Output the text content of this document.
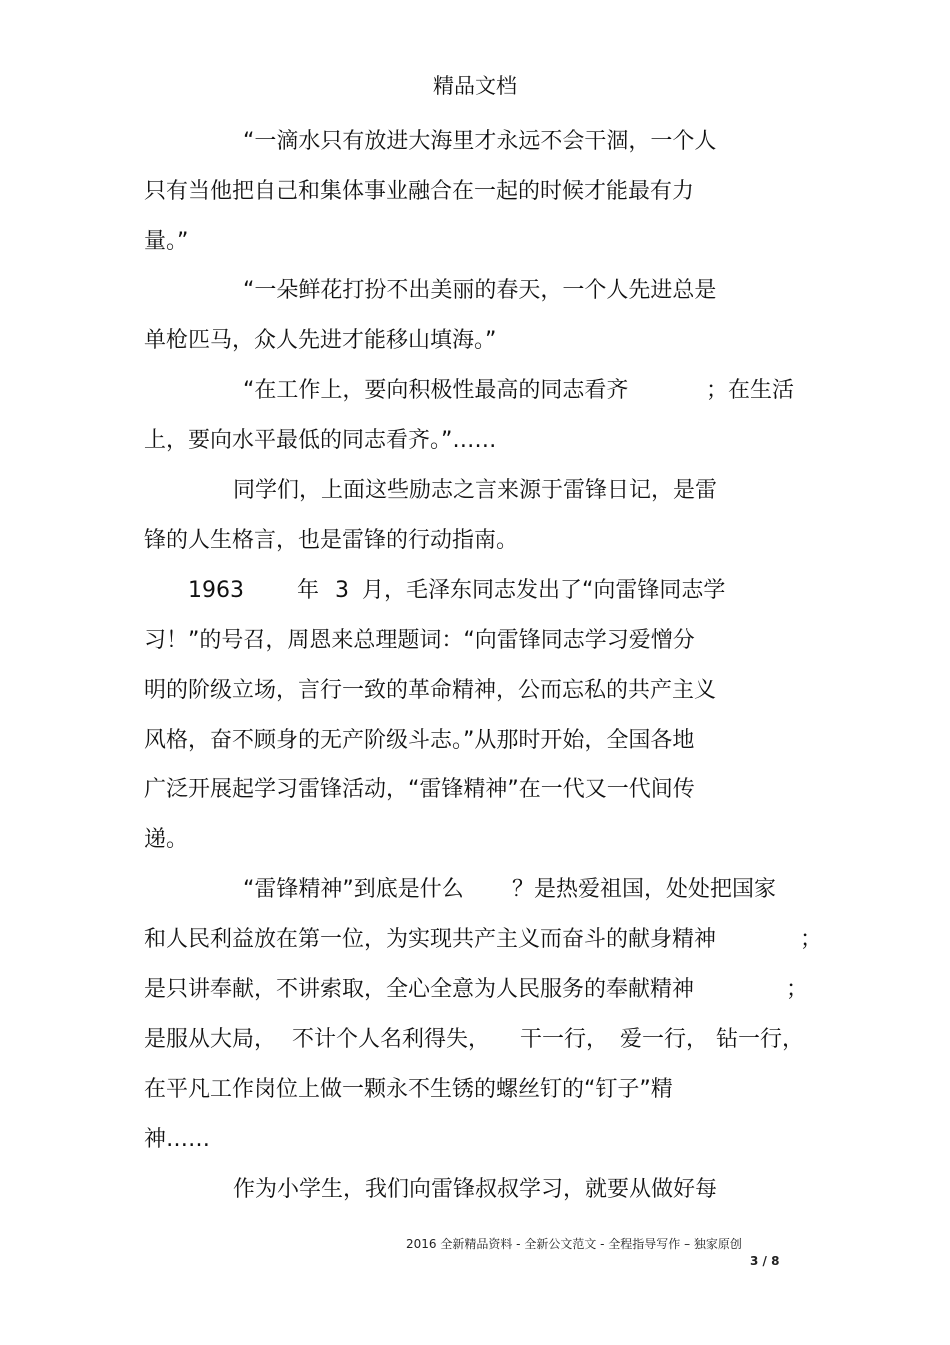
精品文档
“一滴水只有放进大海里才永远不会干涸，一个人
只有当他把自己和集体事业融合在一起的时候才能最有力
量。”
“一朵鲜花打扮不出美丽的春天，一个人先进总是
单枪匹马，众人先进才能移山填海。”
“在工作上，要向积极性最高的同志看齐	；在生活
上，要向水平最低的同志看齐。”……
同学们，上面这些励志之言来源于雷锋日记，是雷
锋的人生格言，也是雷锋的行动指南。
1963 年 3 月，毛泽东同志发出了“向雷锋同志学
习！”的号召，周恩来总理题词：“向雷锋同志学习爱憎分
明的阶级立场，言行一致的革命精神，公而忘私的共产主义
风格，奋不顾身的无产阶级斗志。”从那时开始，全国各地
广泛开展起学习雷锋活动，“雷锋精神”在一代又一代间传
递。
“雷锋精神”到底是什么 ？是热爱祖国，处处把国家
和人民利益放在第一位，为实现共产主义而奋斗的献身精神	；
是只讲奉献，不讲索取，全心全意为人民服务的奉献精神	；
是服从大局， 不计个人名利得失， 干一行， 爱一行， 钻一行，
在平凡工作岗位上做一颗永不生锈的螺丝钉的“钉子”精
神……
作为小学生，我们向雷锋叔叔学习，就要从做好每
2016 全新精品资料 - 全新公文范文 - 全程指导写作 – 独家原创
3 / 8
